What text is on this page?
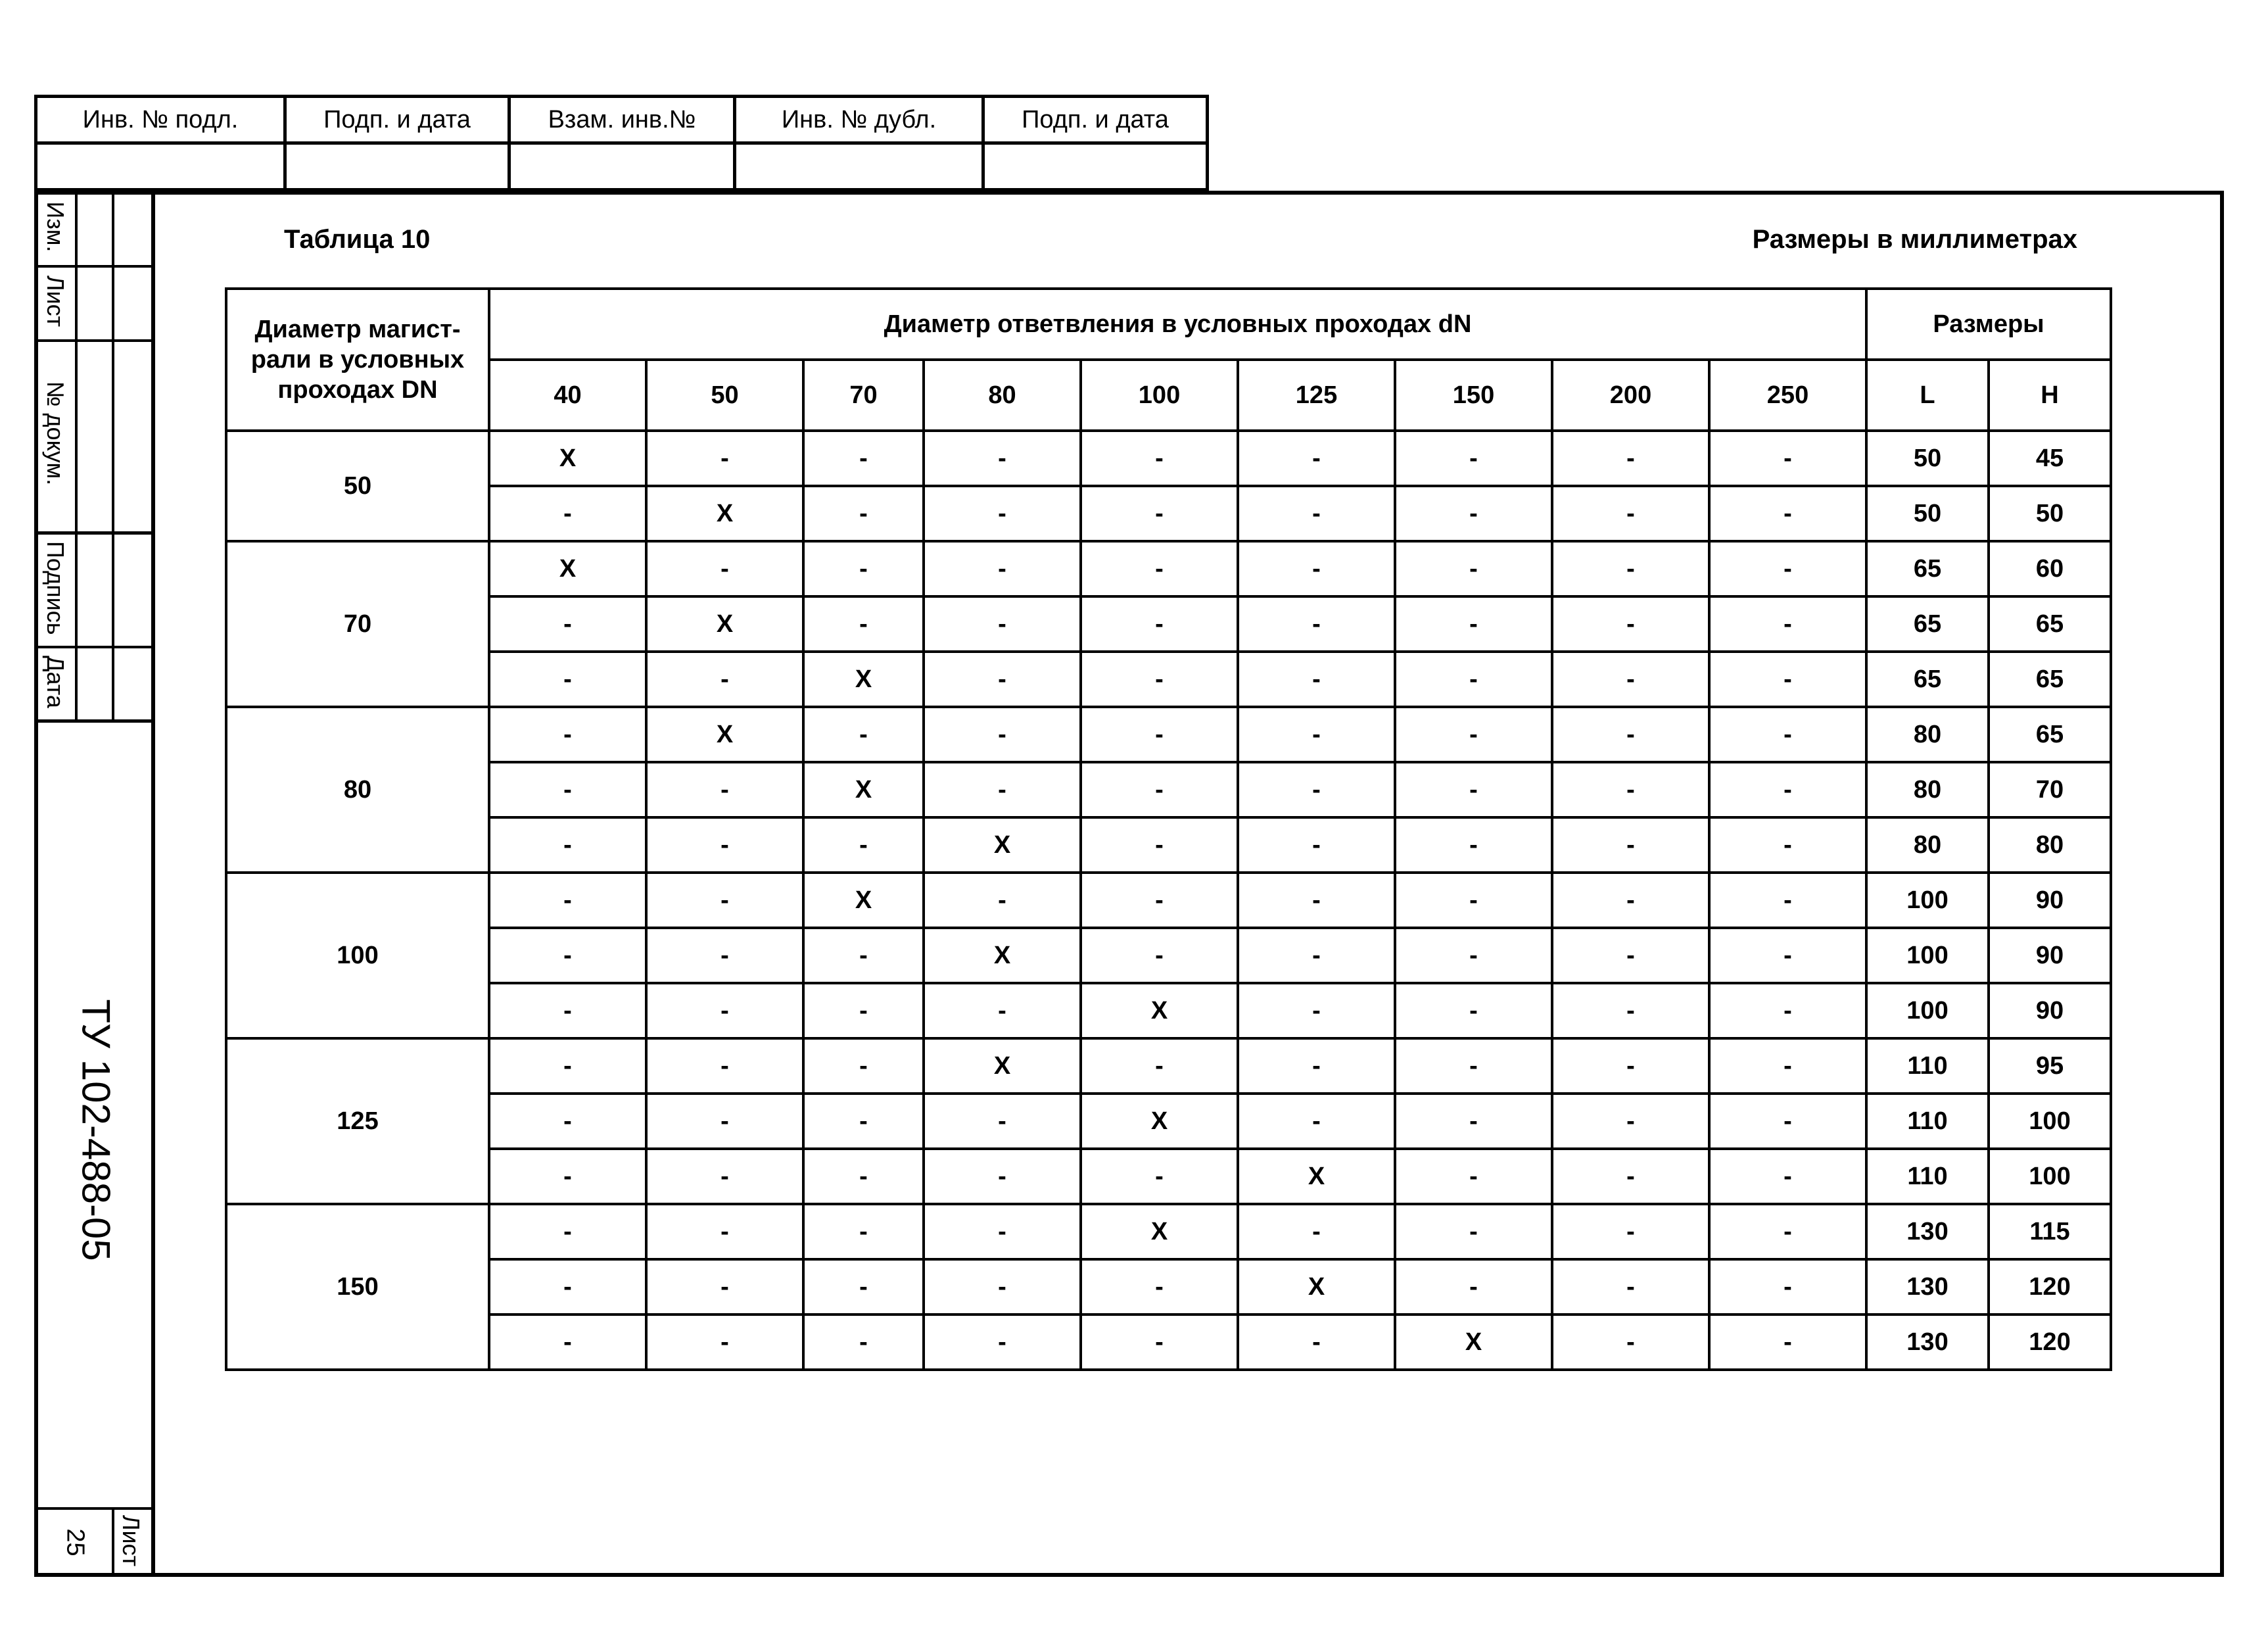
Инв. № подл.	Подп. и дата	Взам. инв.№	Инв. № дубл.	Подп. и дата

Изм.
Лист
№ докум.
Подпись
Дата
ТУ 102-488-05
Лист
25
Таблица 10	Размеры в миллиметрах
Диаметр магист-
рали в условных
проходах DN	Диаметр ответвления в условных проходах dN									Размеры	
	40	50	70	80	100	125	150	200	250	L	H
50	X	-	-	-	-	-	-	-	-	50	45
	-	X	-	-	-	-	-	-	-	50	50
70	X	-	-	-	-	-	-	-	-	65	60
	-	X	-	-	-	-	-	-	-	65	65
	-	-	X	-	-	-	-	-	-	65	65
80	-	X	-	-	-	-	-	-	-	80	65
	-	-	X	-	-	-	-	-	-	80	70
	-	-	-	X	-	-	-	-	-	80	80
100	-	-	X	-	-	-	-	-	-	100	90
	-	-	-	X	-	-	-	-	-	100	90
	-	-	-	-	X	-	-	-	-	100	90
125	-	-	-	X	-	-	-	-	-	110	95
	-	-	-	-	X	-	-	-	-	110	100
	-	-	-	-	-	X	-	-	-	110	100
150	-	-	-	-	X	-	-	-	-	130	115
	-	-	-	-	-	X	-	-	-	130	120
	-	-	-	-	-	-	X	-	-	130	120
